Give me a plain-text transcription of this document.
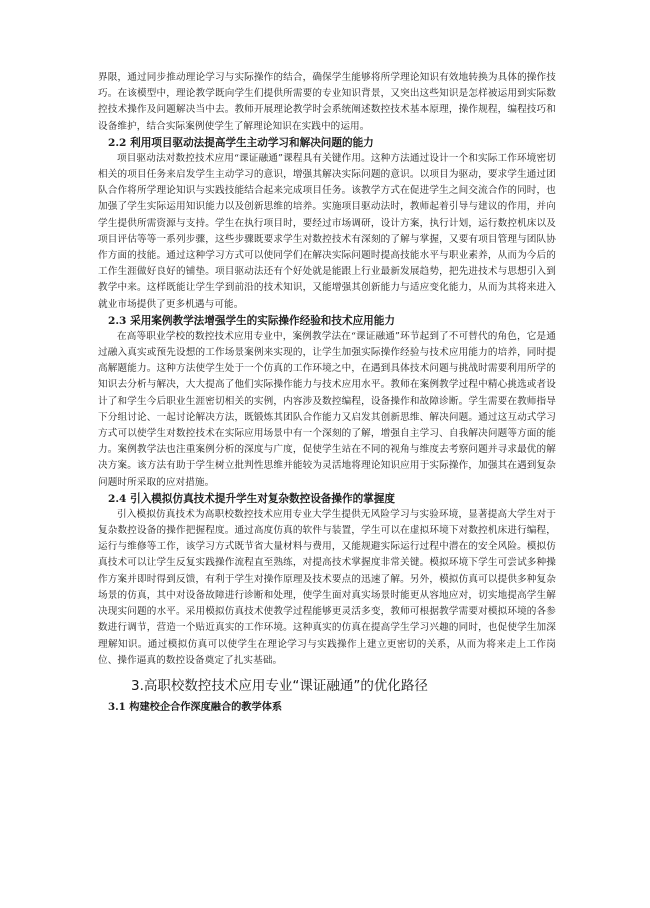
界限，通过同步推动理论学习与实际操作的结合，确保学生能够将所学理论知识有效地转换为具体的操作技巧。在该模型中，理论教学既向学生们提供所需要的专业知识背景，又突出这些知识是怎样被运用到实际数控技术操作及问题解决当中去。教师开展理论教学时会系统阐述数控技术基本原理，操作规程，编程技巧和设备维护，结合实际案例使学生了解理论知识在实践中的运用。

2.2 利用项目驱动法提高学生主动学习和解决问题的能力

项目驱动法对数控技术应用“课证融通”课程具有关键作用。这种方法通过设计一个和实际工作环境密切相关的项目任务来启发学生主动学习的意识，增强其解决实际问题的意识。以项目为驱动，要求学生通过团队合作将所学理论知识与实践技能结合起来完成项目任务。该教学方式在促进学生之间交流合作的同时，也加强了学生实际运用知识能力以及创新思维的培养。实施项目驱动法时，教师起着引导与建议的作用，并向学生提供所需资源与支持。学生在执行项目时，要经过市场调研，设计方案，执行计划，运行数控机床以及项目评估等等一系列步骤，这些步骤既要求学生对数控技术有深刻的了解与掌握，又要有项目管理与团队协作方面的技能。通过这种学习方式可以使同学们在解决实际问题时提高技能水平与职业素养，从而为今后的工作生涯做好良好的铺垫。项目驱动法还有个好处就是能跟上行业最新发展趋势，把先进技术与思想引入到教学中来。这样既能让学生学到前沿的技术知识，又能增强其创新能力与适应变化能力，从而为其将来进入就业市场提供了更多机遇与可能。

2.3 采用案例教学法增强学生的实际操作经验和技术应用能力

在高等职业学校的数控技术应用专业中，案例教学法在“课证融通”环节起到了不可替代的角色，它是通过融入真实或预先设想的工作场景案例来实现的，让学生加强实际操作经验与技术应用能力的培养，同时提高解题能力。这种方法使学生处于一个仿真的工作环境之中，在遇到具体技术问题与挑战时需要利用所学的知识去分析与解决，大大提高了他们实际操作能力与技术应用水平。教师在案例教学过程中精心挑选或者设计了和学生今后职业生涯密切相关的实例，内容涉及数控编程，设备操作和故障诊断。学生需要在教师指导下分组讨论、一起讨论解决方法，既锻炼其团队合作能力又启发其创新思维、解决问题。通过这互动式学习方式可以使学生对数控技术在实际应用场景中有一个深刻的了解，增强自主学习、自我解决问题等方面的能力。案例教学法也注重案例分析的深度与广度，促使学生站在不同的视角与维度去考察问题并寻求最优的解决方案。该方法有助于学生树立批判性思维并能较为灵活地将理论知识应用于实际操作，加强其在遇到复杂问题时所采取的应对措施。

2.4 引入模拟仿真技术提升学生对复杂数控设备操作的掌握度

引入模拟仿真技术为高职校数控技术应用专业大学生提供无风险学习与实验环境，显著提高大学生对于复杂数控设备的操作把握程度。通过高度仿真的软件与装置，学生可以在虚拟环境下对数控机床进行编程，运行与维修等工作，该学习方式既节省大量材料与费用，又能规避实际运行过程中潜在的安全风险。模拟仿真技术可以让学生反复实践操作流程直至熟练，对提高技术掌握度非常关键。模拟环境下学生可尝试多种操作方案并即时得到反馈，有利于学生对操作原理及技术要点的迅速了解。另外，模拟仿真可以提供多种复杂场景的仿真，其中对设备故障进行诊断和处理，使学生面对真实场景时能更从容地应对，切实地提高学生解决现实问题的水平。采用模拟仿真技术使教学过程能够更灵活多变，教师可根据教学需要对模拟环境的各参数进行调节，营造一个贴近真实的工作环境。这种真实的仿真在提高学生学习兴趣的同时，也促使学生加深理解知识。通过模拟仿真可以使学生在理论学习与实践操作上建立更密切的关系，从而为将来走上工作岗位、操作逼真的数控设备奠定了扎实基础。

3.高职校数控技术应用专业“课证融通”的优化路径
3.1 构建校企合作深度融合的教学体系
